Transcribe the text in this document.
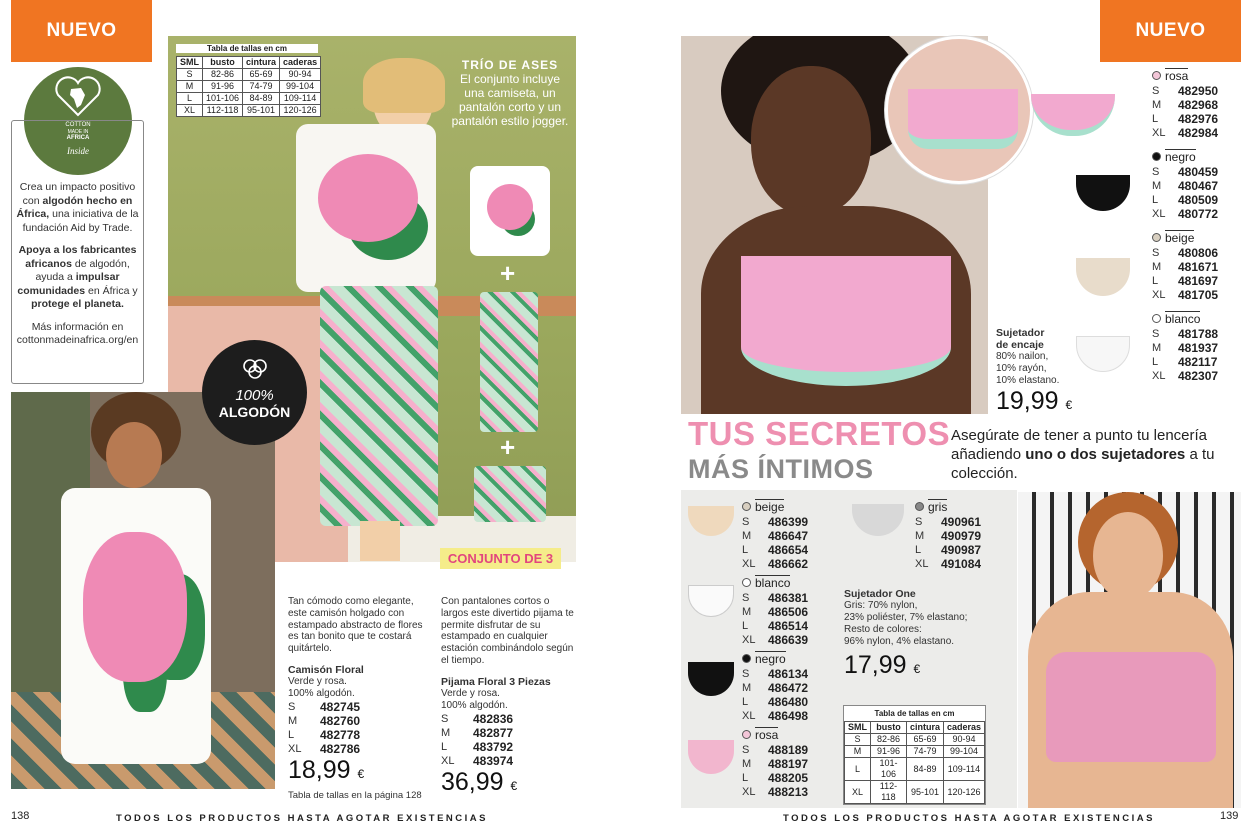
NUEVO
COTTON
MADE IN
AFRICA
Inside

Crea un impacto positivo con algodón hecho en África, una iniciativa de la fundación Aid by Trade.

Apoya a los fabricantes africanos de algodón, ayuda a impulsar comunidades en África y protege el planeta.

Más información en cottonmadeinafrica.org/en

SML	busto	cintura	caderas
S	82-86	65-69	90-94
M	91-96	74-79	99-104
L	101-106	84-89	109-114
XL	112-118	95-101	120-126
Tabla de tallas en cm
TRÍO DE ASES
El conjunto incluye una camiseta, un pantalón corto y un pantalón estilo jogger.
+
+
CONJUNTO DE 3
100%
ALGODÓN

Tan cómodo como elegante, este camisón holgado con estampado abstracto de flores es tan bonito que te costará quitártelo.

Camisón Floral

Verde y rosa.

100% algodón.

S	482745
M	482760
L	482778
XL	482786
18,99 €

Tabla de tallas en la página 128

Con pantalones cortos o largos este divertido pijama te permite disfrutar de su estampado en cualquier estación combinándolo según el tiempo.

Pijama Floral 3 Piezas

Verde y rosa.

100% algodón.

S	482836
M	482877
L	483792
XL	483974
36,99 €
138	TODOS LOS PRODUCTOS HASTA AGOTAR EXISTENCIAS
NUEVO

Sujetador

de encaje

80% nailon,

10% rayón,

10% elastano.

19,99 €
rosa
S	482950
M	482968
L	482976
XL	482984
negro
S	480459
M	480467
L	480509
XL	480772
beige
S	480806
M	481671
L	481697
XL	481705
blanco
S	481788
M	481937
L	482117
XL	482307
TUS SECRETOS
MÁS ÍNTIMOS
Asegúrate de tener a punto tu lencería añadiendo uno o dos sujetadores a tu colección.
beige
S	486399
M	486647
L	486654
XL	486662
blanco
S	486381
M	486506
L	486514
XL	486639
negro
S	486134
M	486472
L	486480
XL	486498
rosa
S	488189
M	488197
L	488205
XL	488213
gris
S	490961
M	490979
L	490987
XL	491084

Sujetador One

Gris: 70% nylon,

23% poliéster, 7% elastano;

Resto de colores:

96% nylon, 4% elastano.

17,99 €
Tabla de tallas en cm
SML	busto	cintura	caderas
S	82-86	65-69	90-94
M	91-96	74-79	99-104
L	101-106	84-89	109-114
XL	112-118	95-101	120-126
139
TODOS LOS PRODUCTOS HASTA AGOTAR EXISTENCIAS
